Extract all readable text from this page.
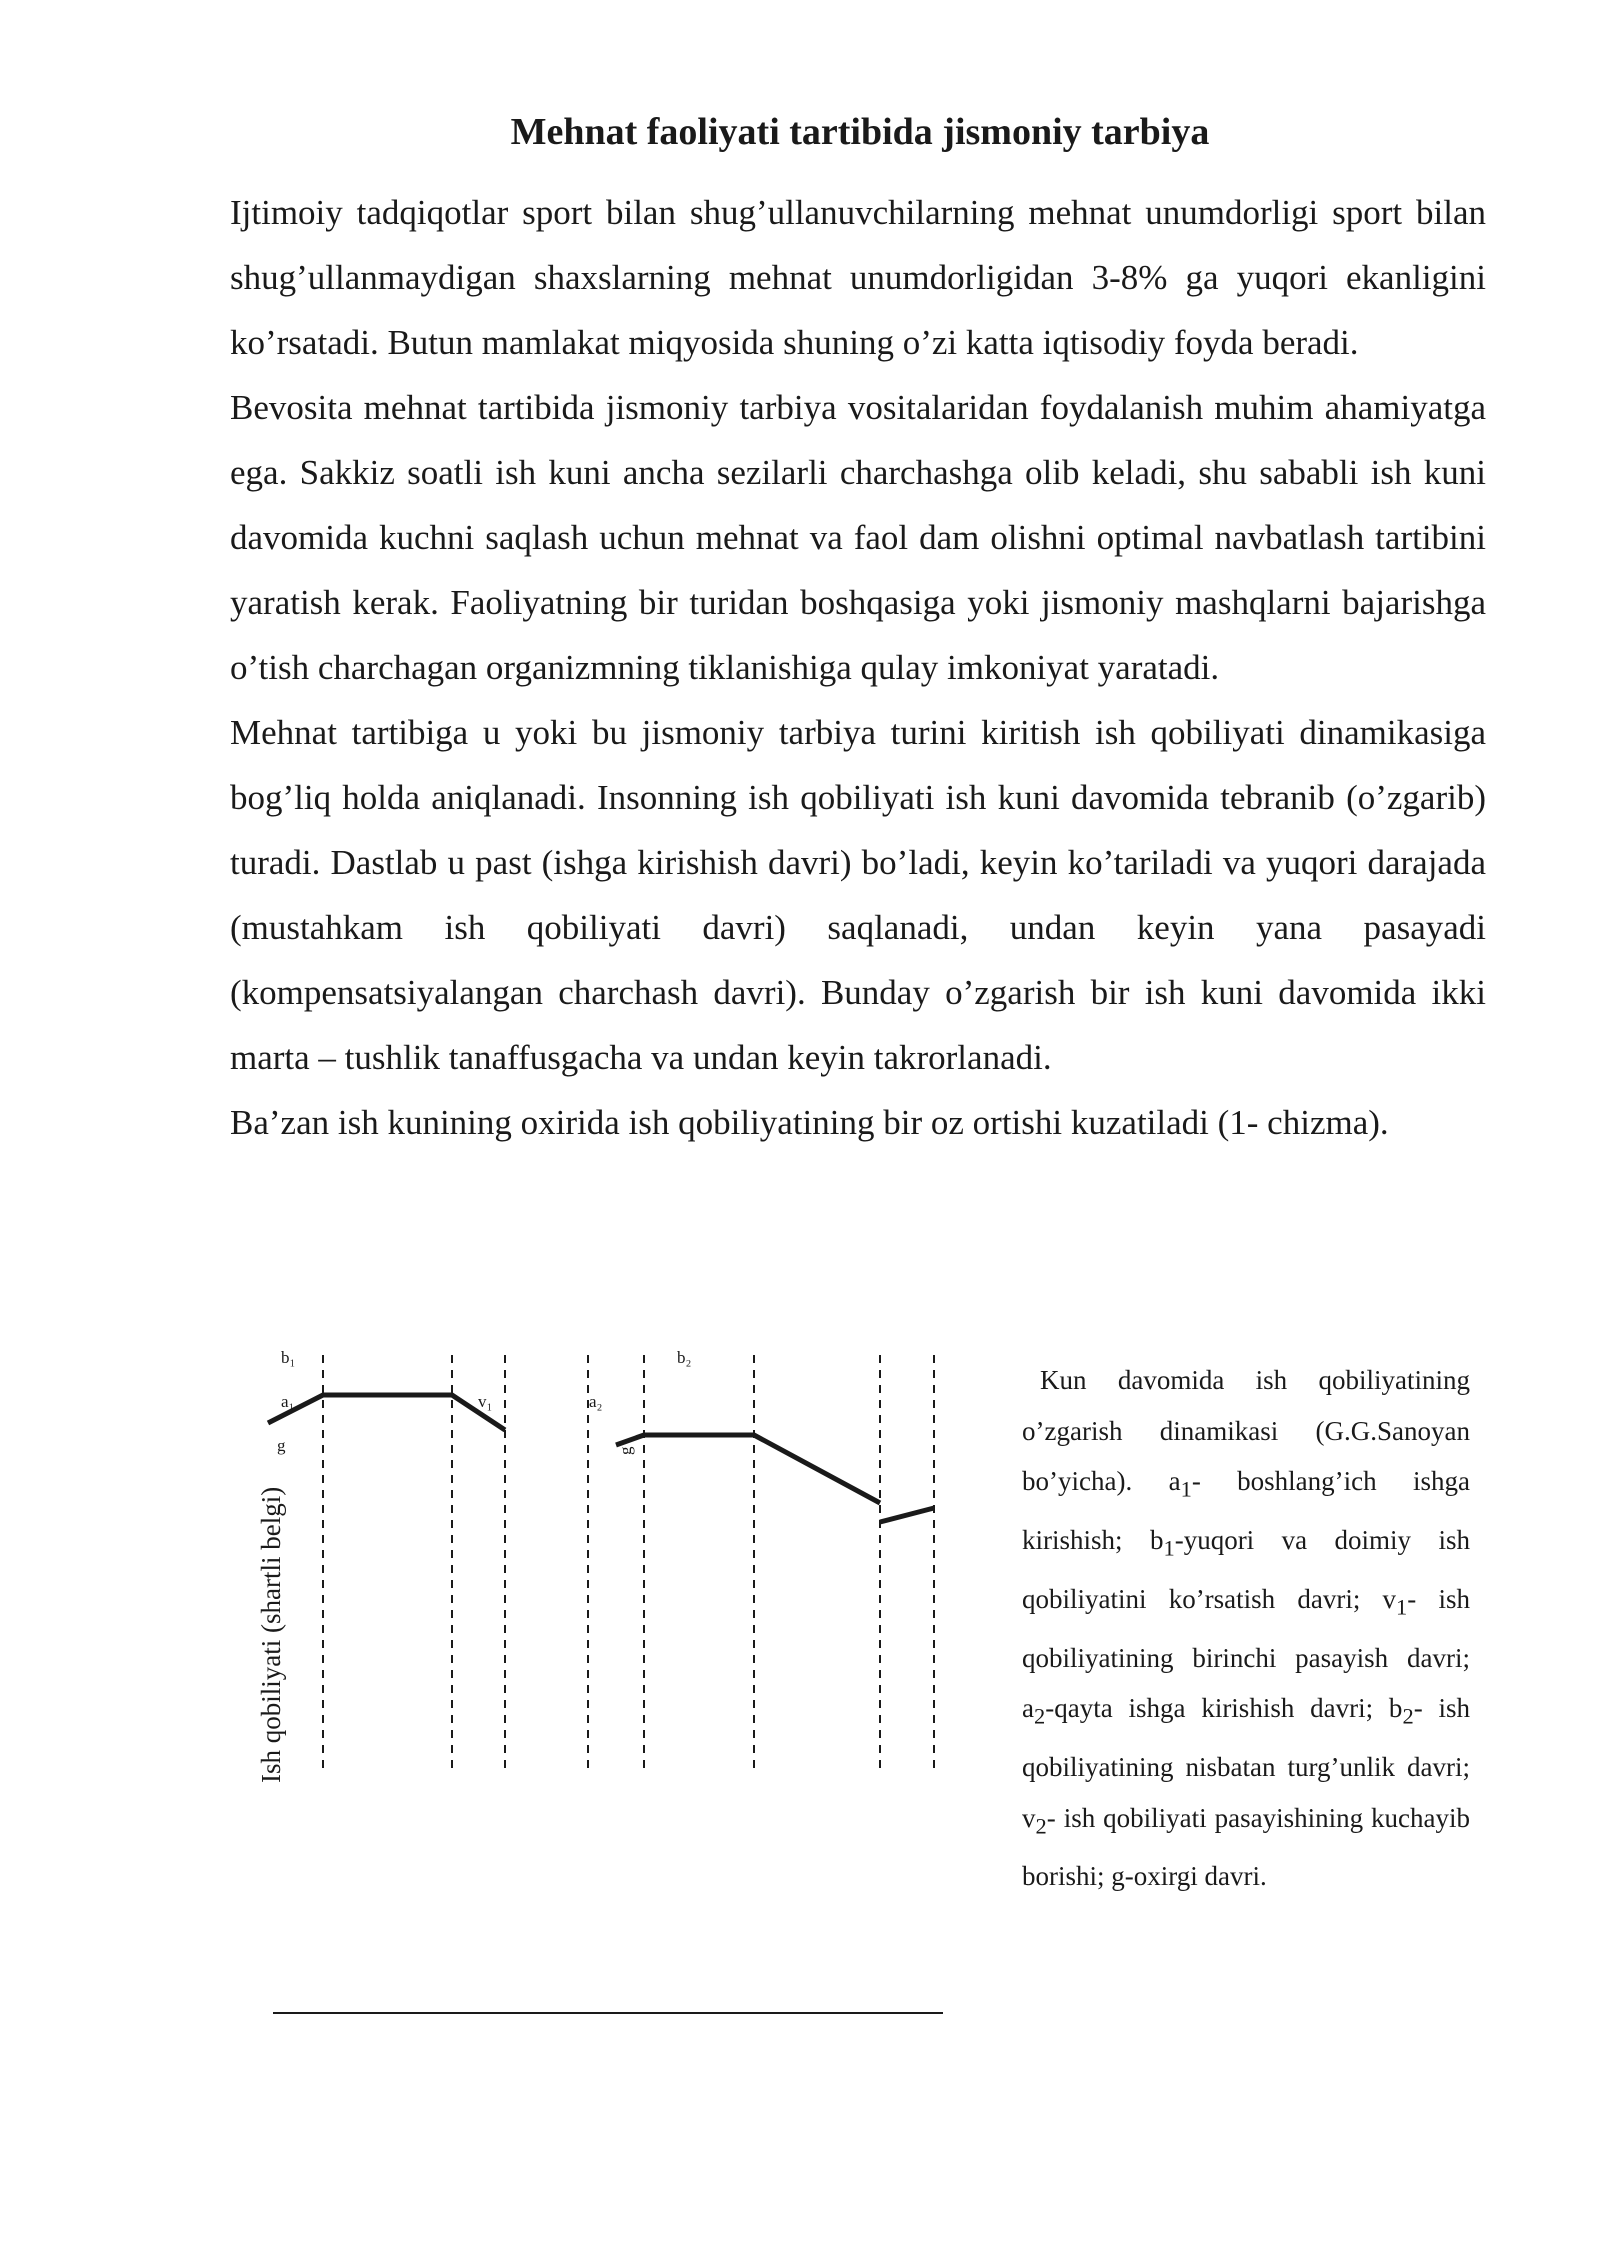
Mehnat faoliyati tartibida jismoniy tarbiya

Ijtimoiy tadqiqotlar sport bilan shug’ullanuvchilarning mehnat unumdorligi sport bilan shug’ullanmaydigan shaxslarning mehnat unumdorligidan 3-8% ga yuqori ekanligini ko’rsatadi. Butun mamlakat miqyosida shuning o’zi katta iqtisodiy foyda beradi.

Bevosita mehnat tartibida jismoniy tarbiya vositalaridan foydalanish muhim ahamiyatga ega. Sakkiz soatli ish kuni ancha sezilarli charchashga olib keladi, shu sababli ish kuni davomida kuchni saqlash uchun mehnat va faol dam olishni optimal navbatlash tartibini yaratish kerak. Faoliyatning bir turidan boshqasiga yoki jismoniy mashqlarni bajarishga o’tish charchagan organizmning tiklanishiga qulay imkoniyat yaratadi.

Mehnat tartibiga u yoki bu jismoniy tarbiya turini kiritish ish qobiliyati dinamikasiga bog’liq holda aniqlanadi. Insonning ish qobiliyati ish kuni davomida tebranib (o’zgarib) turadi. Dastlab u past (ishga kirishish davri) bo’ladi, keyin ko’tariladi va yuqori darajada (mustahkam ish qobiliyati davri) saqlanadi, undan keyin yana pasayadi (kompensatsiyalangan charchash davri). Bunday o’zgarish bir ish kuni davomida ikki marta – tushlik tanaffusgacha va undan keyin takrorlanadi.

Ba’zan ish kunining oxirida ish qobiliyatining bir oz ortishi kuzatiladi (1- chizma).

Ish qobiliyati (shartli belgi)
b₁
a₁	v₁
g
a₂
b₂
g

Kun davomida ish qobiliyatining o’zgarish dinamikasi (G.G.Sanoyan bo’yicha). $a_1-$ boshlang’ich ishga kirishish; $b_1$-yuqori va doimiy ish qobiliyatini ko’rsatish davri; $v_1-$ ish qobiliyatining birinchi pasayish davri; $a_2$-qayta ishga kirishish davri; $b_2-$ ish qobiliyatining nisbatan turg’unlik davri; $v_2-$ ish qobiliyati pasayishining kuchayib borishi; g-oxirgi davri.
